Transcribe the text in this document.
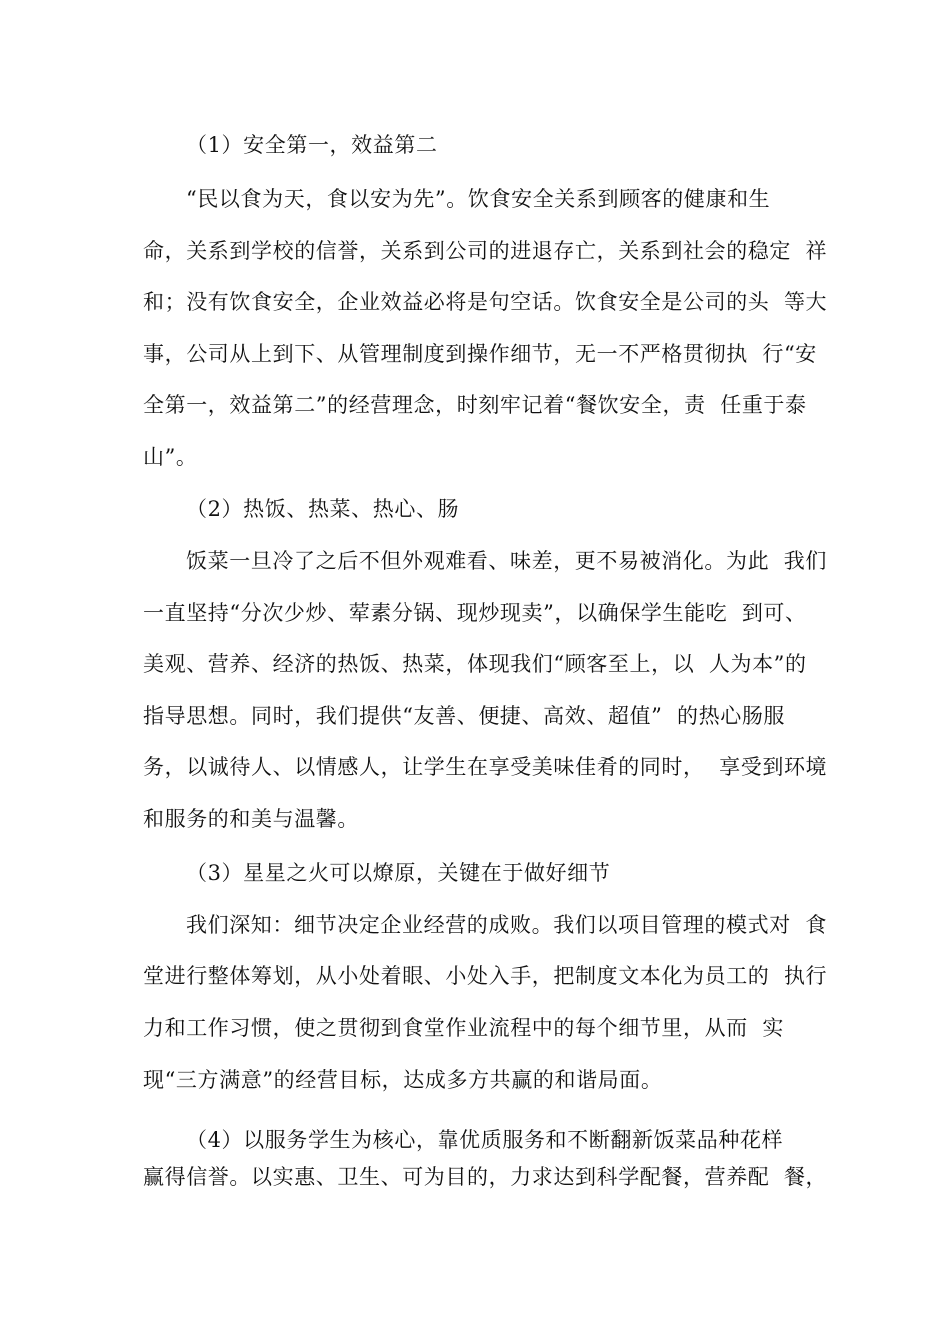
（1）安全第一，效益第二
“民以食为天，食以安为先”。饮食安全关系到顾客的健康和生
命，关系到学校的信誉，关系到公司的进退存亡，关系到社会的稳定  祥
和；没有饮食安全，企业效益必将是句空话。饮食安全是公司的头  等大
事，公司从上到下、从管理制度到操作细节，无一不严格贯彻执  行“安
全第一，效益第二”的经营理念，时刻牢记着“餐饮安全，责  任重于泰
山”。
（2）热饭、热菜、热心、肠
饭菜一旦冷了之后不但外观难看、味差，更不易被消化。为此  我们
一直坚持“分次少炒、荤素分锅、现炒现卖”，以确保学生能吃  到可、
美观、营养、经济的热饭、热菜，体现我们“顾客至上，以  人为本”的
指导思想。同时，我们提供“友善、便捷、高效、超值”  的热心肠服
务，以诚待人、以情感人，让学生在享受美味佳肴的同时，  享受到环境
和服务的和美与温馨。
（3）星星之火可以燎原，关键在于做好细节
我们深知：细节决定企业经营的成败。我们以项目管理的模式对  食
堂进行整体筹划，从小处着眼、小处入手，把制度文本化为员工的  执行
力和工作习惯，使之贯彻到食堂作业流程中的每个细节里，从而  实
现“三方满意”的经营目标，达成多方共赢的和谐局面。
（4）以服务学生为核心，靠优质服务和不断翻新饭菜品种花样
赢得信誉。以实惠、卫生、可为目的，力求达到科学配餐，营养配  餐，
